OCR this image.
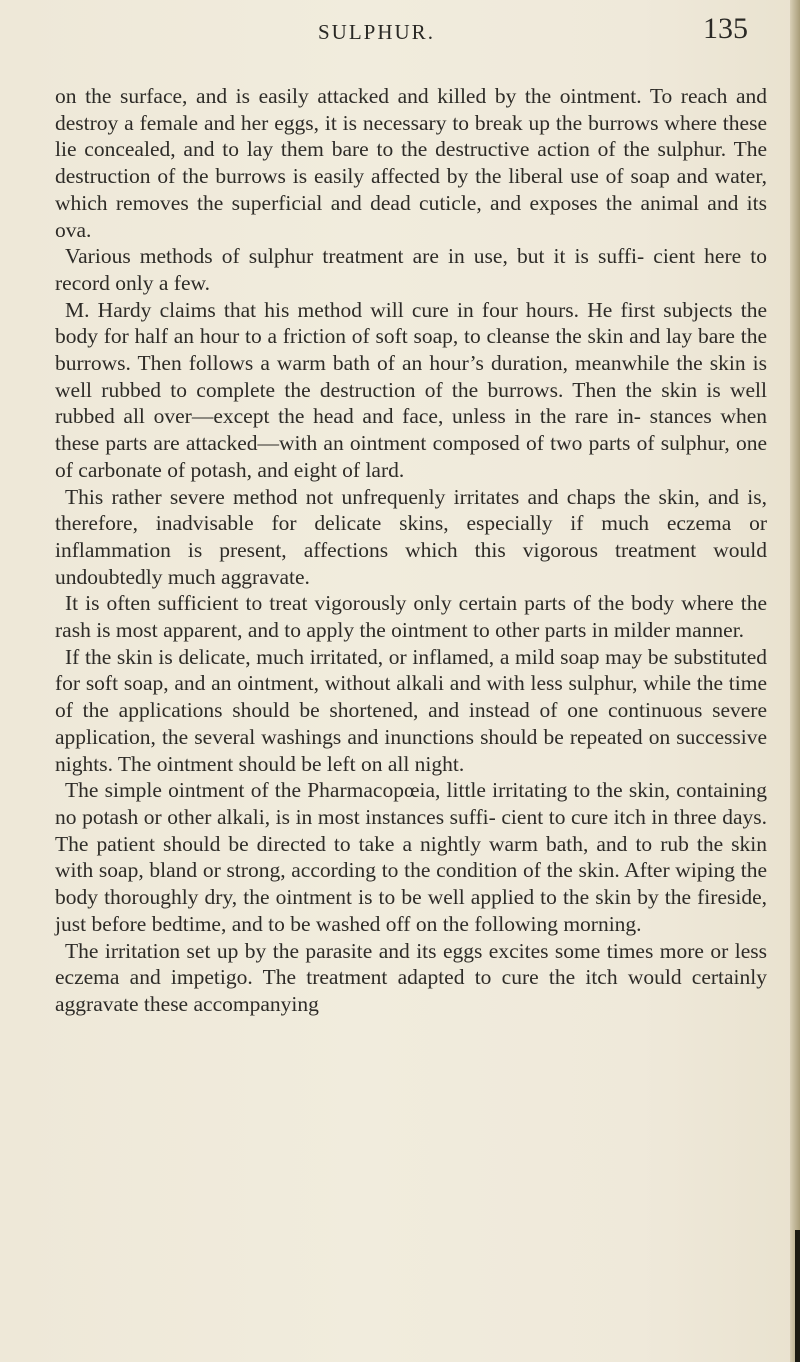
SULPHUR.	135

on the surface, and is easily attacked and killed by the ointment. To reach and destroy a female and her eggs, it is necessary to break up the burrows where these lie concealed, and to lay them bare to the destructive action of the sulphur. The destruction of the burrows is easily affected by the liberal use of soap and water, which removes the superficial and dead cuticle, and exposes the animal and its ova.

Various methods of sulphur treatment are in use, but it is suffi- cient here to record only a few.

M. Hardy claims that his method will cure in four hours. He first subjects the body for half an hour to a friction of soft soap, to cleanse the skin and lay bare the burrows. Then follows a warm bath of an hour’s duration, meanwhile the skin is well rubbed to complete the destruction of the burrows. Then the skin is well rubbed all over—except the head and face, unless in the rare in- stances when these parts are attacked—with an ointment composed of two parts of sulphur, one of carbonate of potash, and eight of lard.

This rather severe method not unfrequenly irritates and chaps the skin, and is, therefore, inadvisable for delicate skins, especially if much eczema or inflammation is present, affections which this vigorous treatment would undoubtedly much aggravate.

It is often sufficient to treat vigorously only certain parts of the body where the rash is most apparent, and to apply the ointment to other parts in milder manner.

If the skin is delicate, much irritated, or inflamed, a mild soap may be substituted for soft soap, and an ointment, without alkali and with less sulphur, while the time of the applications should be shortened, and instead of one continuous severe application, the several washings and inunctions should be repeated on successive nights. The ointment should be left on all night.

The simple ointment of the Pharmacopœia, little irritating to the skin, containing no potash or other alkali, is in most instances suffi- cient to cure itch in three days. The patient should be directed to take a nightly warm bath, and to rub the skin with soap, bland or strong, according to the condition of the skin. After wiping the body thoroughly dry, the ointment is to be well applied to the skin by the fireside, just before bedtime, and to be washed off on the following morning.

The irritation set up by the parasite and its eggs excites some times more or less eczema and impetigo. The treatment adapted to cure the itch would certainly aggravate these accompanying
